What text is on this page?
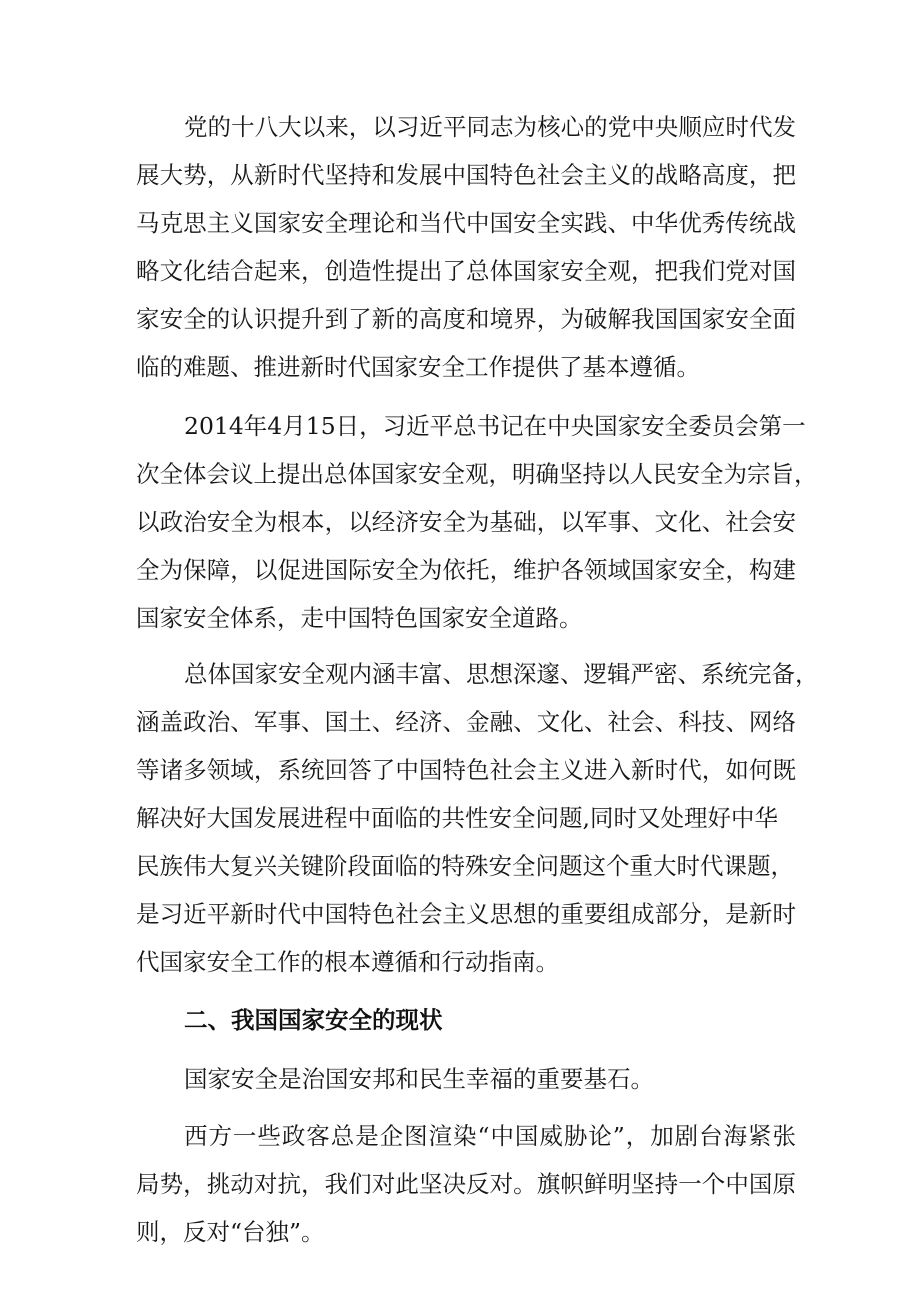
党的十八大以来，以习近平同志为核心的党中央顺应时代发
展大势，从新时代坚持和发展中国特色社会主义的战略高度，把
马克思主义国家安全理论和当代中国安全实践、中华优秀传统战
略文化结合起来，创造性提出了总体国家安全观，把我们党对国
家安全的认识提升到了新的高度和境界，为破解我国国家安全面
临的难题、推进新时代国家安全工作提供了基本遵循。
2014年4月15日，习近平总书记在中央国家安全委员会第一
次全体会议上提出总体国家安全观，明确坚持以人民安全为宗旨，
以政治安全为根本，以经济安全为基础，以军事、文化、社会安
全为保障，以促进国际安全为依托，维护各领域国家安全，构建
国家安全体系，走中国特色国家安全道路。
总体国家安全观内涵丰富、思想深邃、逻辑严密、系统完备，
涵盖政治、军事、国土、经济、金融、文化、社会、科技、网络
等诸多领域，系统回答了中国特色社会主义进入新时代，如何既
解决好大国发展进程中面临的共性安全问题,同时又处理好中华
民族伟大复兴关键阶段面临的特殊安全问题这个重大时代课题，
是习近平新时代中国特色社会主义思想的重要组成部分，是新时
代国家安全工作的根本遵循和行动指南。
二、我国国家安全的现状
国家安全是治国安邦和民生幸福的重要基石。
西方一些政客总是企图渲染“中国威胁论”，加剧台海紧张
局势，挑动对抗，我们对此坚决反对。旗帜鲜明坚持一个中国原
则，反对“台独”。
